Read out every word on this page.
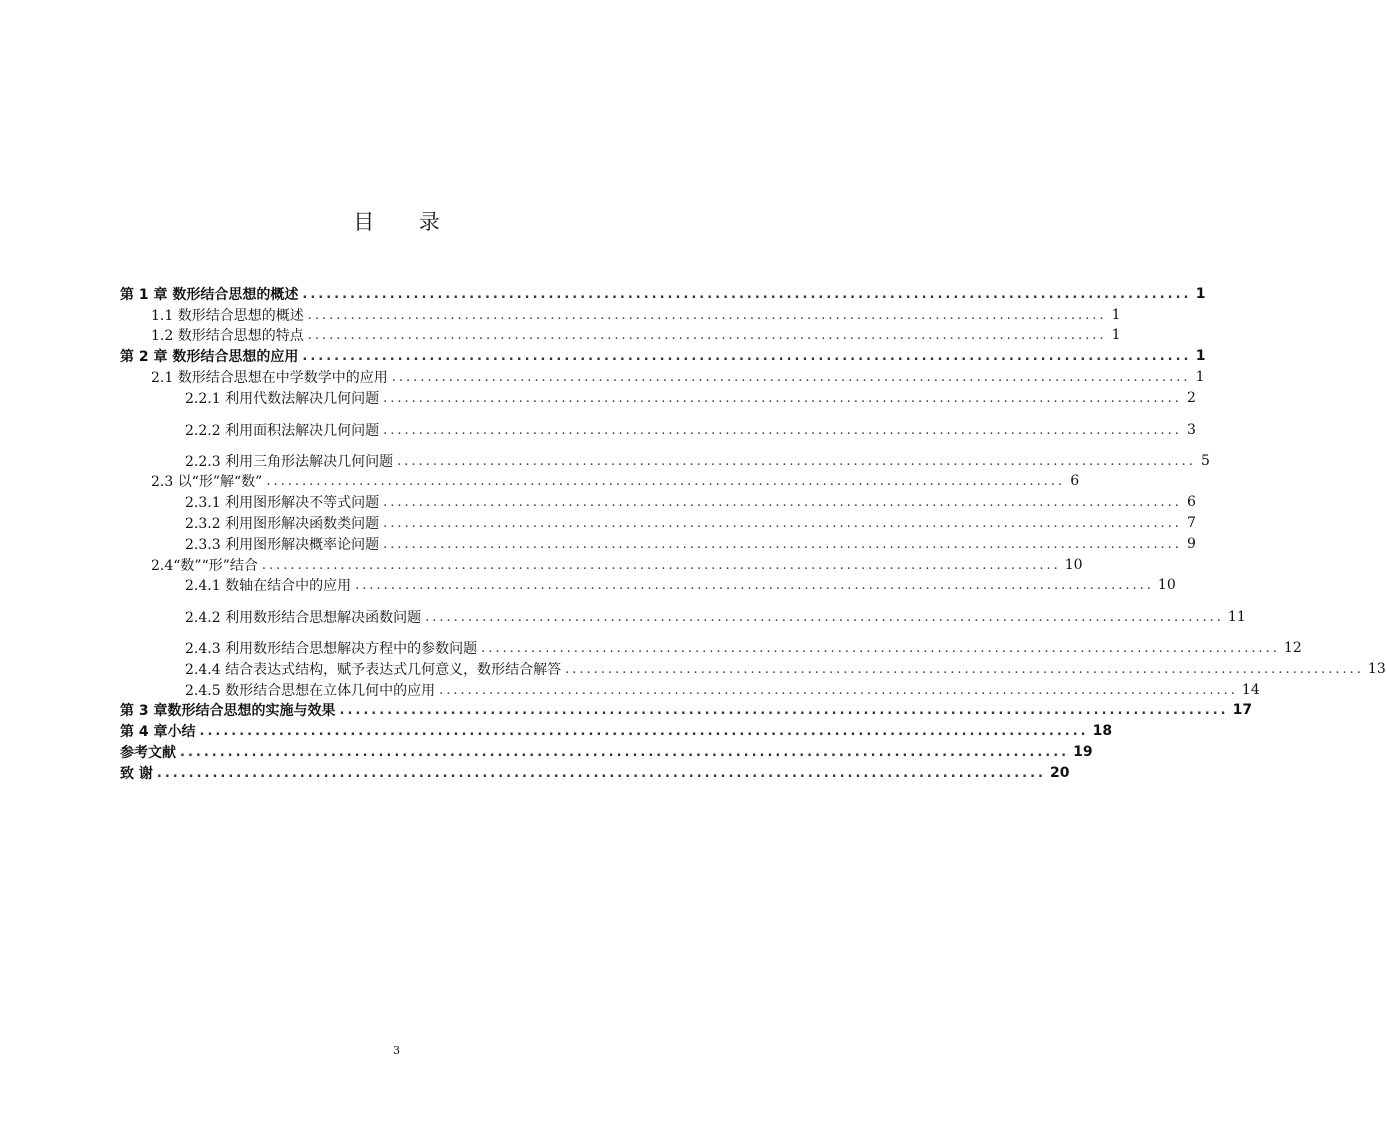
目 录
第 1 章 数形结合思想的概述 ................................................................................................................ 1
1.1 数形结合思想的概述 ................................................................................................................ 1
1.2 数形结合思想的特点 ................................................................................................................ 1
第 2 章 数形结合思想的应用 ................................................................................................................ 1
2.1 数形结合思想在中学数学中的应用 ................................................................................................................ 1
2.2.1 利用代数法解决几何问题 ................................................................................................................ 2
2.2.2 利用面积法解决几何问题 ................................................................................................................ 3
2.2.3 利用三角形法解决几何问题 ................................................................................................................ 5
2.3 以“形”解“数” ................................................................................................................ 6
2.3.1 利用图形解决不等式问题 ................................................................................................................ 6
2.3.2 利用图形解决函数类问题 ................................................................................................................ 7
2.3.3 利用图形解决概率论问题 ................................................................................................................ 9
2.4“数”“形”结合 ................................................................................................................ 10
2.4.1 数轴在结合中的应用 ................................................................................................................ 10
2.4.2 利用数形结合思想解决函数问题 ................................................................................................................ 11
2.4.3 利用数形结合思想解决方程中的参数问题 ................................................................................................................ 12
2.4.4 结合表达式结构，赋予表达式几何意义，数形结合解答 ................................................................................................................ 13
2.4.5 数形结合思想在立体几何中的应用 ................................................................................................................ 14
第 3 章数形结合思想的实施与效果 ................................................................................................................ 17
第 4 章小结 ................................................................................................................ 18
参考文献 ................................................................................................................ 19
致 谢 ................................................................................................................ 20
3
